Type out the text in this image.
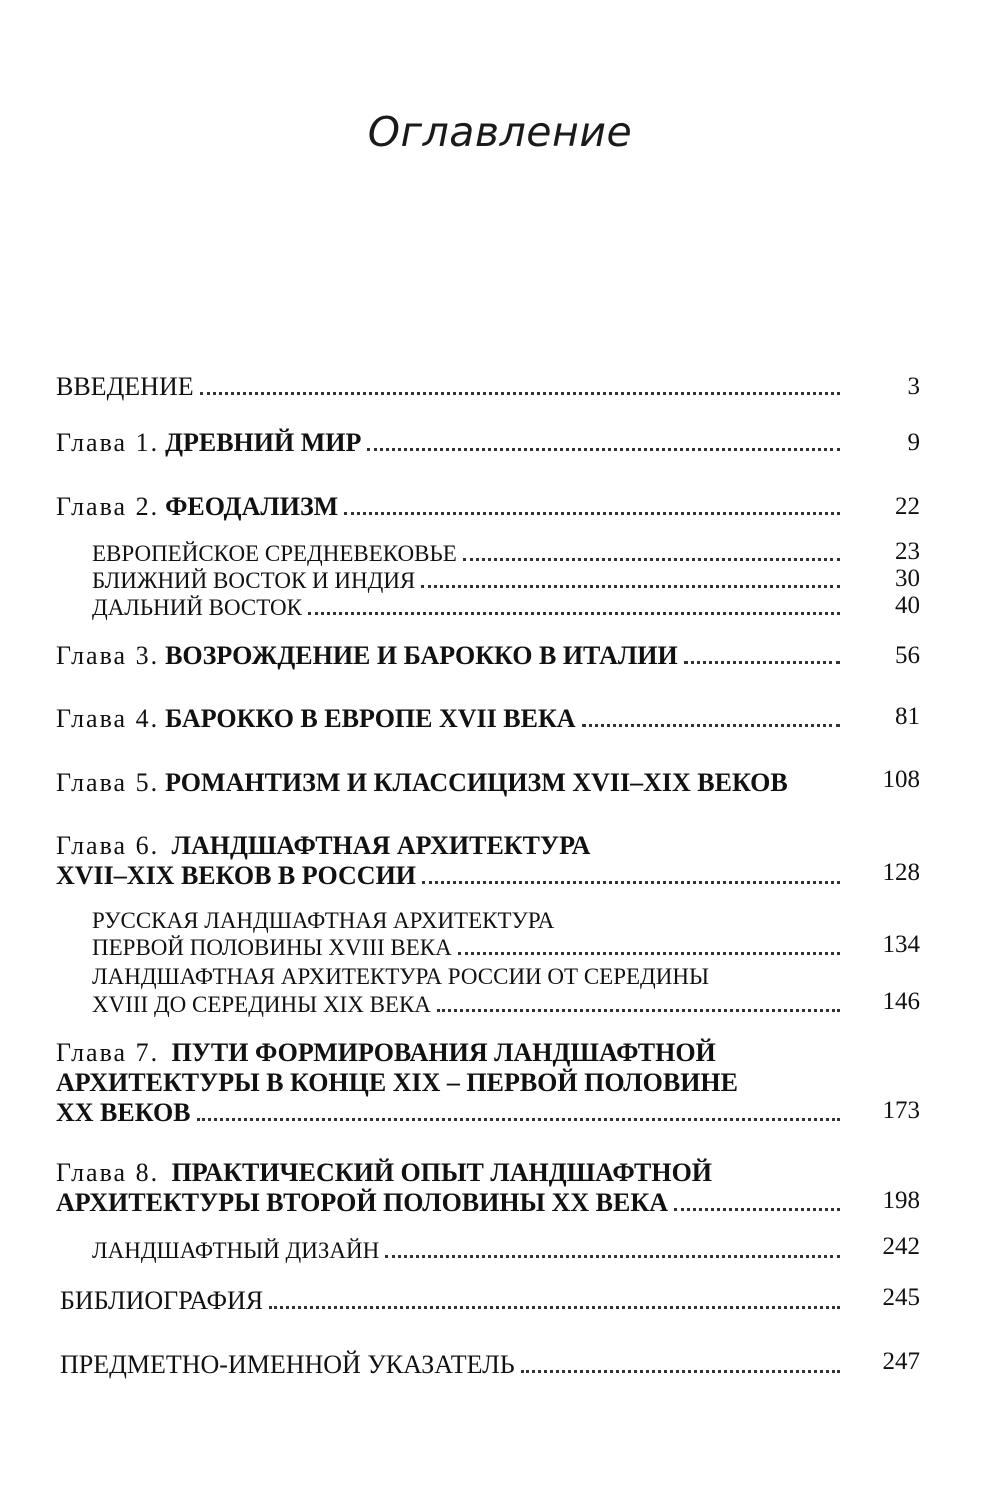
Оглавление
ВВЕДЕНИЕ	3
Глава 1. ДРЕВНИЙ МИР	9
Глава 2. ФЕОДАЛИЗМ	22
ЕВРОПЕЙСКОЕ СРЕДНЕВЕКОВЬЕ	23
БЛИЖНИЙ ВОСТОК И ИНДИЯ	30
ДАЛЬНИЙ ВОСТОК	40
Глава 3. ВОЗРОЖДЕНИЕ И БАРОККО В ИТАЛИИ	56
Глава 4. БАРОККО В ЕВРОПЕ XVII ВЕКА	81
Глава 5. РОМАНТИЗМ И КЛАССИЦИЗМ XVII–XIX ВЕКОВ	108
Глава 6. ЛАНДШАФТНАЯ АРХИТЕКТУРА
XVII–XIX ВЕКОВ В РОССИИ	128
РУССКАЯ ЛАНДШАФТНАЯ АРХИТЕКТУРА
ПЕРВОЙ ПОЛОВИНЫ XVIII ВЕКА	134
ЛАНДШАФТНАЯ АРХИТЕКТУРА РОССИИ ОТ СЕРЕДИНЫ
XVIII ДО СЕРЕДИНЫ XIX ВЕКА	146
Глава 7. ПУТИ ФОРМИРОВАНИЯ ЛАНДШАФТНОЙ
АРХИТЕКТУРЫ В КОНЦЕ XIX – ПЕРВОЙ ПОЛОВИНЕ
XX ВЕКОВ	173
Глава 8. ПРАКТИЧЕСКИЙ ОПЫТ ЛАНДШАФТНОЙ
АРХИТЕКТУРЫ ВТОРОЙ ПОЛОВИНЫ XX ВЕКА	198
ЛАНДШАФТНЫЙ ДИЗАЙН	242
БИБЛИОГРАФИЯ	245
ПРЕДМЕТНО-ИМЕННОЙ УКАЗАТЕЛЬ	247
